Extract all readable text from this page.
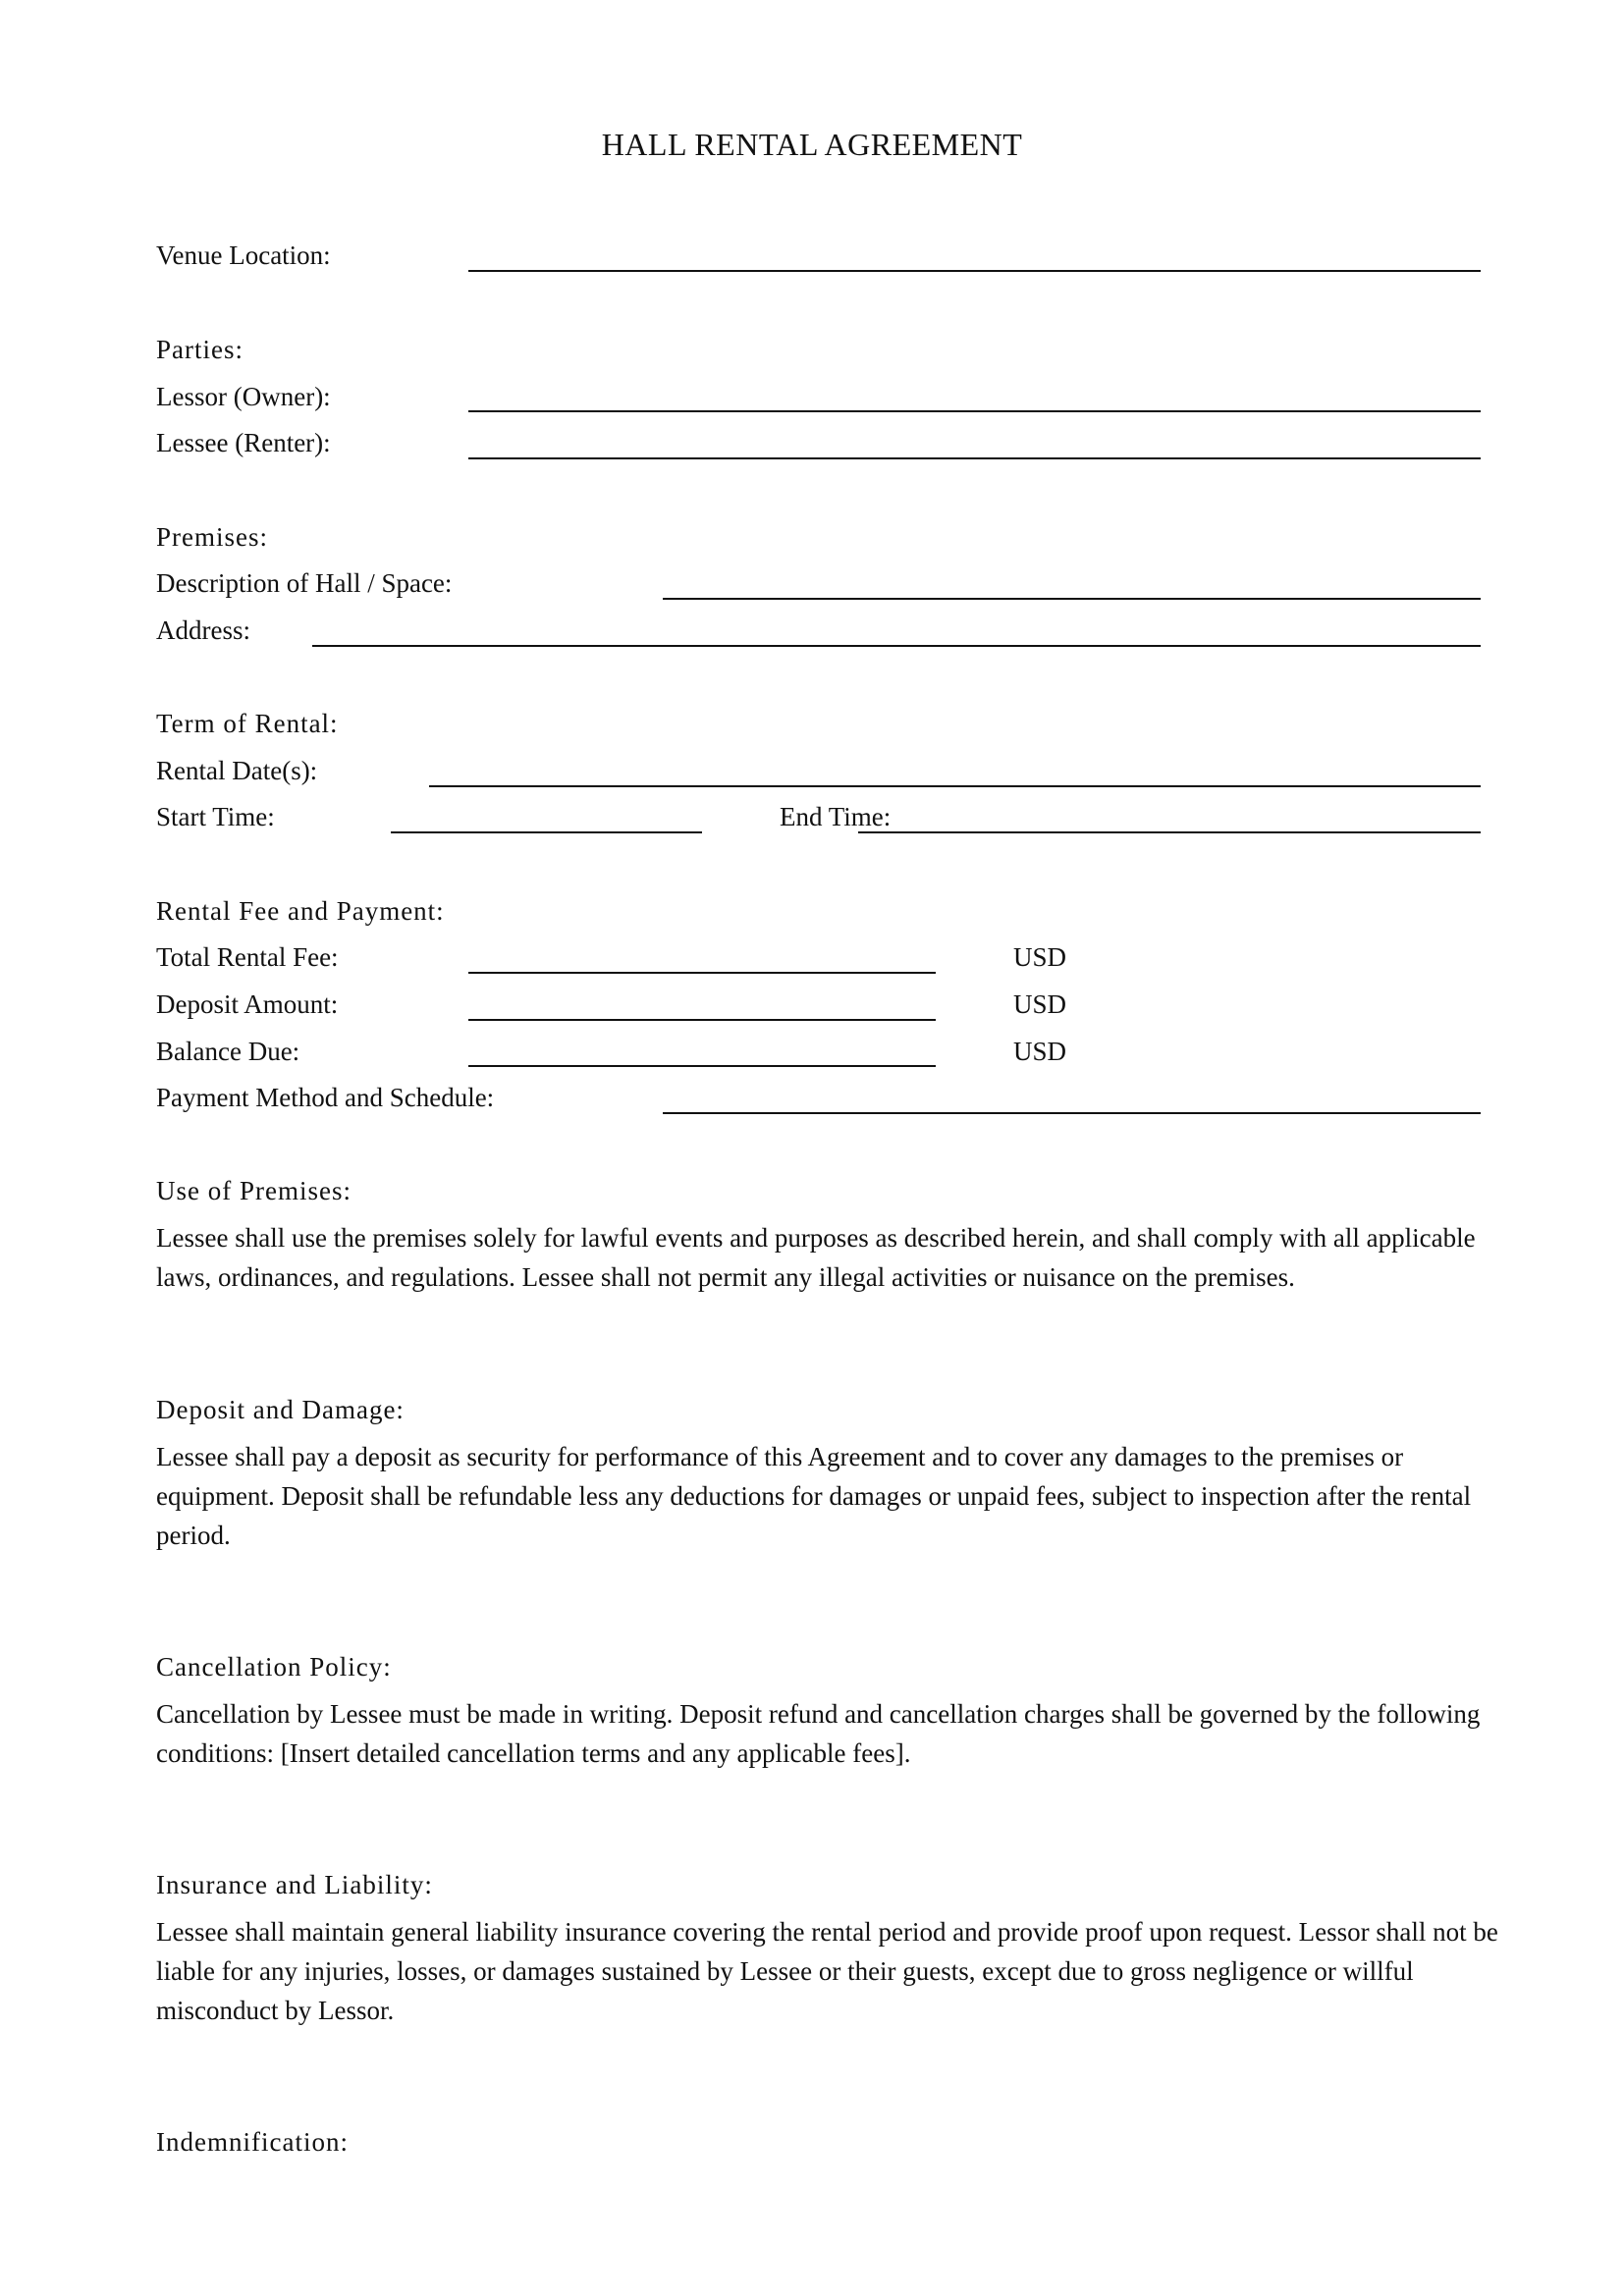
HALL RENTAL AGREEMENT
Venue Location:
Parties:
Lessor (Owner):
Lessee (Renter):
Premises:
Description of Hall / Space:
Address:
Term of Rental:
Rental Date(s):
Start Time:	End Time:
Rental Fee and Payment:
Total Rental Fee:	USD
Deposit Amount:	USD
Balance Due:	USD
Payment Method and Schedule:
Use of Premises:
Lessee shall use the premises solely for lawful events and purposes as described herein, and shall comply with all applicable laws, ordinances, and regulations. Lessee shall not permit any illegal activities or nuisance on the premises.
Deposit and Damage:
Lessee shall pay a deposit as security for performance of this Agreement and to cover any damages to the premises or equipment. Deposit shall be refundable less any deductions for damages or unpaid fees, subject to inspection after the rental period.
Cancellation Policy:
Cancellation by Lessee must be made in writing. Deposit refund and cancellation charges shall be governed by the following conditions: [Insert detailed cancellation terms and any applicable fees].
Insurance and Liability:
Lessee shall maintain general liability insurance covering the rental period and provide proof upon request. Lessor shall not be liable for any injuries, losses, or damages sustained by Lessee or their guests, except due to gross negligence or willful misconduct by Lessor.
Indemnification:
